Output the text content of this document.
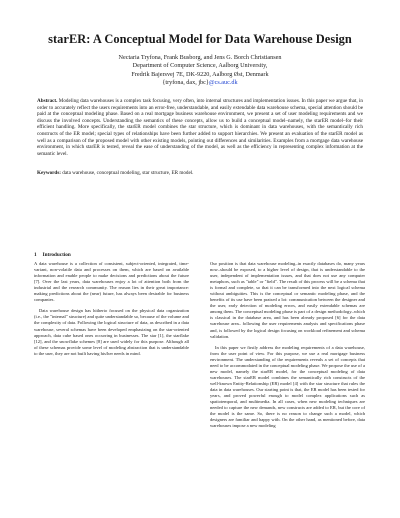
starER: A Conceptual Model for Data Warehouse Design
Nectaria Tryfona, Frank Busborg, and Jens G. Borch Christiansen
Department of Computer Science, Aalborg University,
Fredrik Bajersvej 7E, DK-9220, Aalborg Øst, Denmark
{tryfona, dax, jbc}@cs.auc.dk
Abstract. Modeling data warehouses is a complex task focusing, very often, into internal structures and implementation issues. In this paper we argue that, in order to accurately reflect the users requirements into an error-free, understandable, and easily extendable data warehouse schema, special attention should be paid at the conceptual modeling phase. Based on a real mortgage business warehouse environment, we present a set of user modeling requirements and we discuss the involved concepts. Understanding the semantics of these concepts, allow us to build a conceptual model–namely, the starER model–for their efficient handling. More specifically, the starER model combines the star structure, which is dominant in data warehouses, with the semantically rich constructs of the ER model; special types of relationships have been further added to support hierarchies. We present an evaluation of the starER model as well as a comparison of the proposed model with other existing models, pointing out differences and similarities. Examples from a mortgage data warehouse environment, in which starER is tested, reveal the ease of understanding of the model, as well as the efficiency in representing complex information at the semantic level.
Keywords: data warehouse, conceptual modeling, star structure, ER model.
1 Introduction

A data warehouse is a collection of consistent, subject-oriented, integrated, time-variant, non-volatile data and processes on them, which are based on available information and enable people to make decisions and predictions about the future [7]. Over the last years, data warehouses enjoy a lot of attention both from the industrial and the research community. The reason lies in their great importance: making predictions about the (near) future, has always been desirable for business companies.

Data warehouse design has hitherto focused on the physical data organization (i.e., the "internal" structure) and quite understandable so, because of the volume and the complexity of data. Following the logical structure of data, as described in a data warehouse, several schemas have been developed emphasizing on the star-oriented approach, data cube based ones occurring in businesses. The star [1], the starflake [12], and the snowflake schemes [8] are used widely for this purpose. Although all of these schemas provide some level of modeling abstraction that is understandable to the user, they are not built having his/her needs in mind.

Our position is that data warehouse modeling–in exactly databases do, many years now–should be exposed, to a higher level of design, that is understandable to the user, independent of implementation issues, and that does not use any computer metaphors, such as "table" or "field". The result of this process will be a schema that is formal and complete, so that it can be transformed into the next logical schema without ambiguities. This is the conceptual or semantic modeling phase, and the benefits of its use have been praised a lot: communication between the designer and the user, early detection of modeling errors, and easily extendable schemas are among them. The conceptual modeling phase is part of a design methodology–which is classical in the database area, and has been already proposed [6] for the data warehouse area– following the user requirements analysis and specifications phase and, is followed by the logical design focusing on workload refinement and schema validation.

In this paper we firstly address the modeling requirements of a data warehouse, from the user point of view. For this purpose, we use a real mortgage business environment. The understanding of the requirements reveals a set of concepts that need to be accommodated in the conceptual modeling phase. We propose the use of a new model, namely the starER model, for the conceptual modeling of data warehouses. The starER model combines the semantically rich constructs of the well-known Entity-Relationship (ER) model [4] with the star structure that rules the data in data warehouses. Our starting point is that, the ER model has been tested for years, and proved powerful enough to model complex applications such as spatiotemporal, and multimedia. In all cases, when new modeling techniques are needed to capture the new demands, new constructs are added to ER, but the core of the model is the same. So, there is no reason to change such a model, which designers are familiar and happy with. On the other hand, as mentioned before, data warehouses impose a new modeling
